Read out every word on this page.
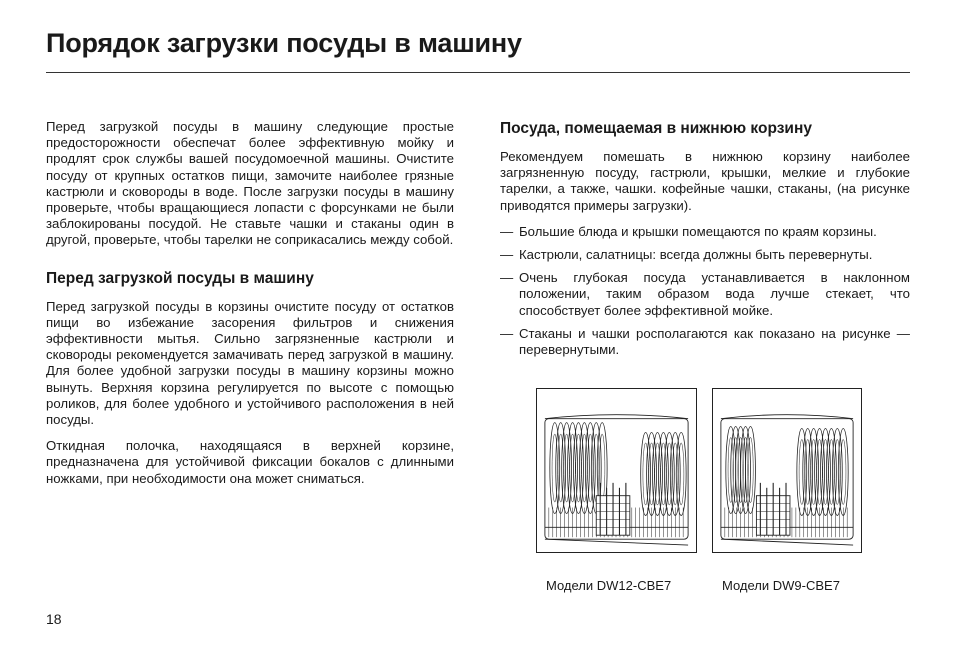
Порядок загрузки посуды в машину

Перед загрузкой посуды в машину следующие простые предосторожности обеспечат более эффективную мойку и продлят срок службы вашей посудомоечной машины. Очистите посуду от крупных остатков пищи, замочите наиболее грязные кастрюли и сковороды в воде. После загрузки посуды в машину проверьте, чтобы вращающиеся лопасти с форсунками не были заблокированы посудой. Не ставьте чашки и стаканы один в другой, проверьте, чтобы тарелки не соприкасались между собой.

Перед загрузкой посуды в машину

Перед загрузкой посуды в корзины очистите посуду от остатков пищи во избежание засорения фильтров и снижения эффективности мытья. Сильно загрязненные кастрюли и сковороды рекомендуется замачивать перед загрузкой в машину. Для более удобной загрузки посуды в машину корзины можно вынуть. Верхняя корзина регулируется по высоте с помощью роликов, для более удобного и устойчивого расположения в ней посуды.

Откидная полочка, находящаяся в верхней корзине, предназначена для устойчивой фиксации бокалов с длинными ножками, при необходимости она может сниматься.

Посуда, помещаемая в нижнюю корзину

Рекомендуем помешать в нижнюю корзину наиболее загрязненную посуду, гастрюли, крышки, мелкие и глубокие тарелки, а также, чашки. кофейные чашки, стаканы, (на рисунке приводятся примеры загрузки).

— Большие блюда и крышки помещаются по краям корзины.
— Кастрюли, салатницы: всегда должны быть перевернуты.
— Очень глубокая посуда устанавливается в наклонном положении, таким образом вода лучше стекает, что способствует более эффективной мойке.
— Стаканы и чашки росполагаются как показано на рисунке — перевернутыми.
Модели DW12-CBE7	Модели DW9-CBE7
18
